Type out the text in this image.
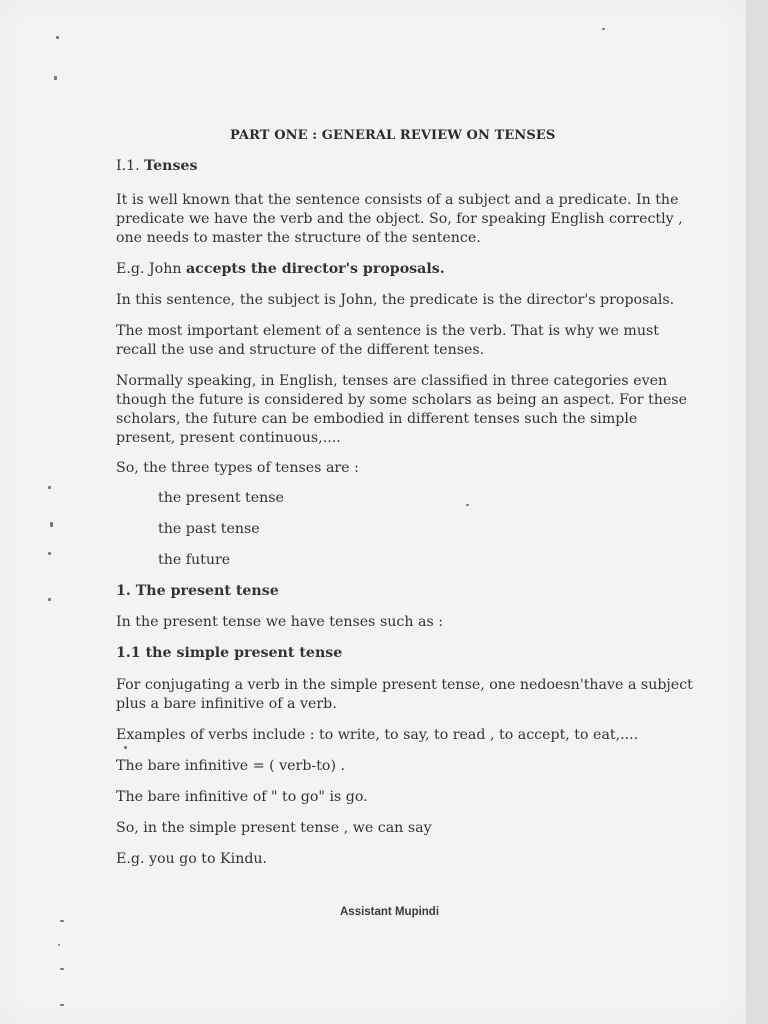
PART ONE : GENERAL REVIEW ON TENSES
I.1. Tenses
It is well known that the sentence consists of a subject and a predicate. In the
predicate we have the verb and the object. So, for speaking English correctly ,
one needs to master the structure of the sentence.
E.g. John accepts the director's proposals.
In this sentence, the subject is John, the predicate is the director's proposals.
The most important element of a sentence is the verb. That is why we must
recall the use and structure of the different tenses.
Normally speaking, in English, tenses are classified in three categories even
though the future is considered by some scholars as being an aspect. For these
scholars, the future can be embodied in different tenses such the simple
present, present continuous,....
So, the three types of tenses are :
the present tense
the past tense
the future
1. The present tense
In the present tense we have tenses such as :
1.1 the simple present tense
For conjugating a verb in the simple present tense, one nedoesn'thave a subject
plus a bare infinitive of a verb.
Examples of verbs include : to write, to say, to read , to accept, to eat,....
The bare infinitive = ( verb-to) .
The bare infinitive of " to go" is go.
So, in the simple present tense , we can say
E.g. you go to Kindu.
Assistant Mupindi
